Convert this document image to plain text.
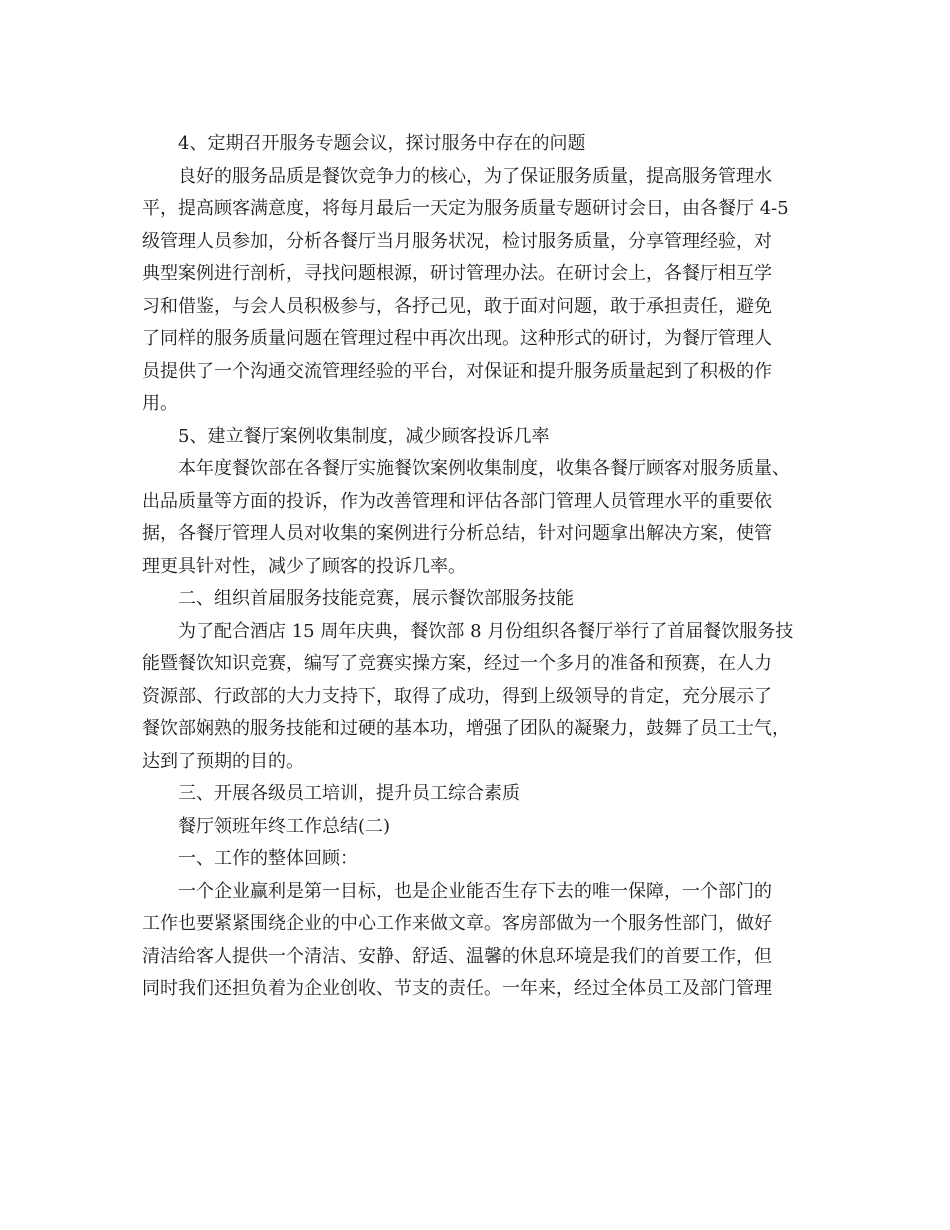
4、定期召开服务专题会议，探讨服务中存在的问题
良好的服务品质是餐饮竞争力的核心，为了保证服务质量，提高服务管理水
平，提高顾客满意度，将每月最后一天定为服务质量专题研讨会日，由各餐厅 4-5
级管理人员参加，分析各餐厅当月服务状况，检讨服务质量，分享管理经验，对
典型案例进行剖析，寻找问题根源，研讨管理办法。在研讨会上，各餐厅相互学
习和借鉴，与会人员积极参与，各抒己见，敢于面对问题，敢于承担责任，避免
了同样的服务质量问题在管理过程中再次出现。这种形式的研讨，为餐厅管理人
员提供了一个沟通交流管理经验的平台，对保证和提升服务质量起到了积极的作
用。
5、建立餐厅案例收集制度，减少顾客投诉几率
本年度餐饮部在各餐厅实施餐饮案例收集制度，收集各餐厅顾客对服务质量、
出品质量等方面的投诉，作为改善管理和评估各部门管理人员管理水平的重要依
据，各餐厅管理人员对收集的案例进行分析总结，针对问题拿出解决方案，使管
理更具针对性，减少了顾客的投诉几率。
二、组织首届服务技能竞赛，展示餐饮部服务技能
为了配合酒店 15 周年庆典，餐饮部 8 月份组织各餐厅举行了首届餐饮服务技
能暨餐饮知识竞赛，编写了竞赛实操方案，经过一个多月的准备和预赛，在人力
资源部、行政部的大力支持下，取得了成功，得到上级领导的肯定，充分展示了
餐饮部娴熟的服务技能和过硬的基本功，增强了团队的凝聚力，鼓舞了员工士气，
达到了预期的目的。
三、开展各级员工培训，提升员工综合素质
餐厅领班年终工作总结(二)
一、工作的整体回顾：
一个企业赢利是第一目标，也是企业能否生存下去的唯一保障，一个部门的
工作也要紧紧围绕企业的中心工作来做文章。客房部做为一个服务性部门，做好
清洁给客人提供一个清洁、安静、舒适、温馨的休息环境是我们的首要工作，但
同时我们还担负着为企业创收、节支的责任。一年来，经过全体员工及部门管理
